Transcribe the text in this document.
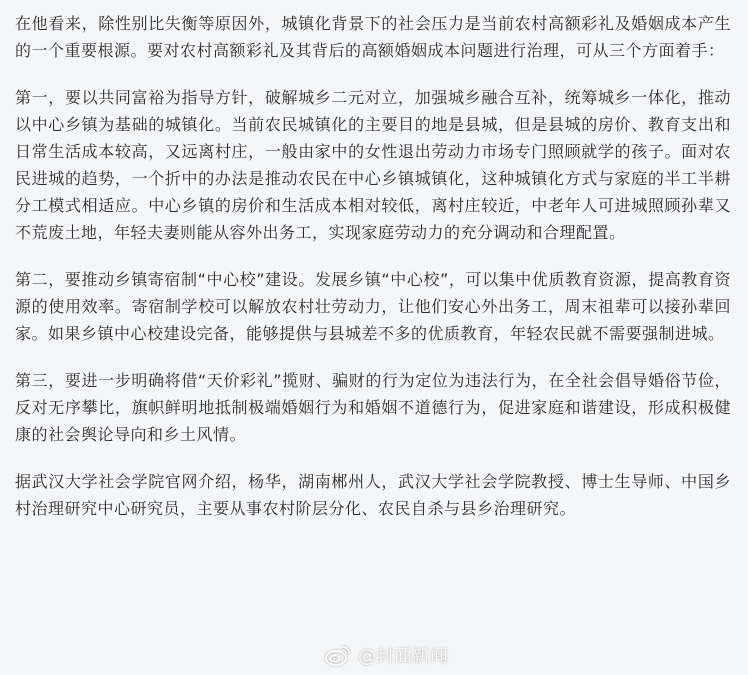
在他看来，除性别比失衡等原因外，城镇化背景下的社会压力是当前农村高额彩礼及婚姻成本产生的一个重要根源。要对农村高额彩礼及其背后的高额婚姻成本问题进行治理，可从三个方面着手：

第一，要以共同富裕为指导方针，破解城乡二元对立，加强城乡融合互补，统筹城乡一体化，推动以中心乡镇为基础的城镇化。当前农民城镇化的主要目的地是县城，但是县城的房价、教育支出和日常生活成本较高，又远离村庄，一般由家中的女性退出劳动力市场专门照顾就学的孩子。面对农民进城的趋势，一个折中的办法是推动农民在中心乡镇城镇化，这种城镇化方式与家庭的半工半耕分工模式相适应。中心乡镇的房价和生活成本相对较低，离村庄较近，中老年人可进城照顾孙辈又不荒废土地，年轻夫妻则能从容外出务工，实现家庭劳动力的充分调动和合理配置。

第二，要推动乡镇寄宿制“中心校”建设。发展乡镇“中心校”，可以集中优质教育资源，提高教育资源的使用效率。寄宿制学校可以解放农村壮劳动力，让他们安心外出务工，周末祖辈可以接孙辈回家。如果乡镇中心校建设完备，能够提供与县城差不多的优质教育，年轻农民就不需要强制进城。

第三，要进一步明确将借“天价彩礼”揽财、骗财的行为定位为违法行为，在全社会倡导婚俗节俭，反对无序攀比，旗帜鲜明地抵制极端婚姻行为和婚姻不道德行为，促进家庭和谐建设，形成积极健康的社会舆论导向和乡土风情。

据武汉大学社会学院官网介绍，杨华，湖南郴州人，武汉大学社会学院教授、博士生导师、中国乡村治理研究中心研究员，主要从事农村阶层分化、农民自杀与县乡治理研究。

@封面新闻
